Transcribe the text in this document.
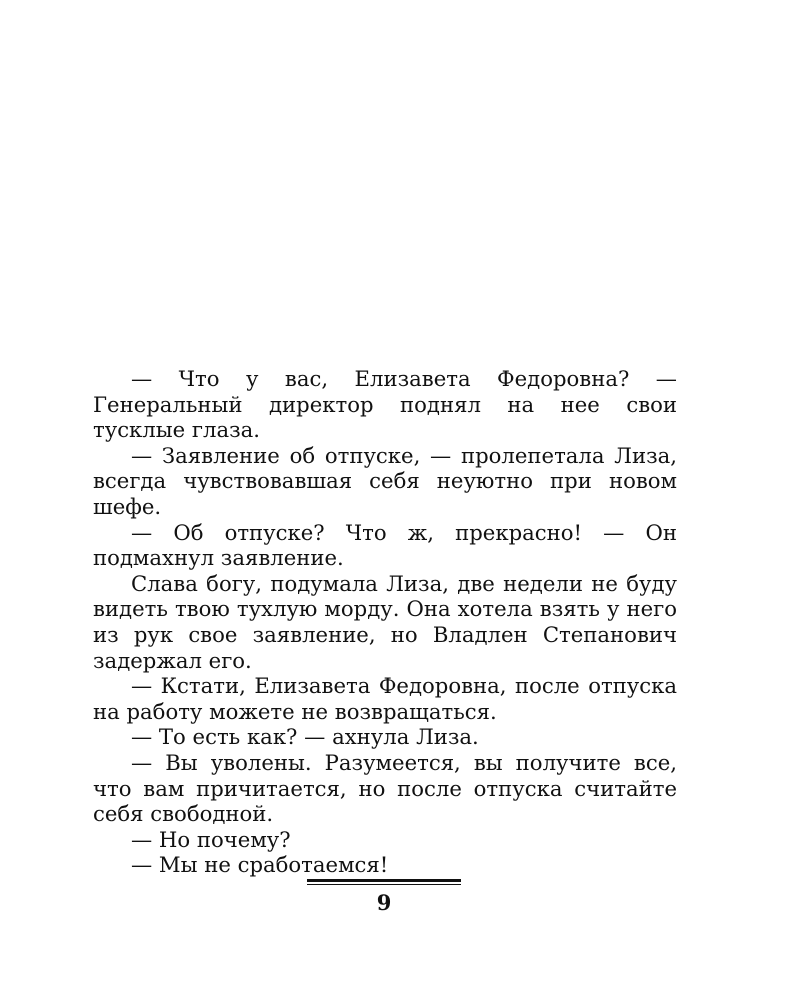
— Что у вас, Елизавета Федоровна? — Генеральный директор поднял на нее свои тусклые глаза.

— Заявление об отпуске, — пролепетала Лиза, всегда чувствовавшая себя неуютно при новом шефе.

— Об отпуске? Что ж, прекрасно! — Он подмахнул заявление.

Слава богу, подумала Лиза, две недели не буду видеть твою тухлую морду. Она хотела взять у него из рук свое заявление, но Владлен Степанович задержал его.

— Кстати, Елизавета Федоровна, после отпуска на работу можете не возвращаться.

— То есть как? — ахнула Лиза.

— Вы уволены. Разумеется, вы получите все, что вам причитается, но после отпуска считайте себя свободной.

— Но почему?

— Мы не сработаемся!

9
